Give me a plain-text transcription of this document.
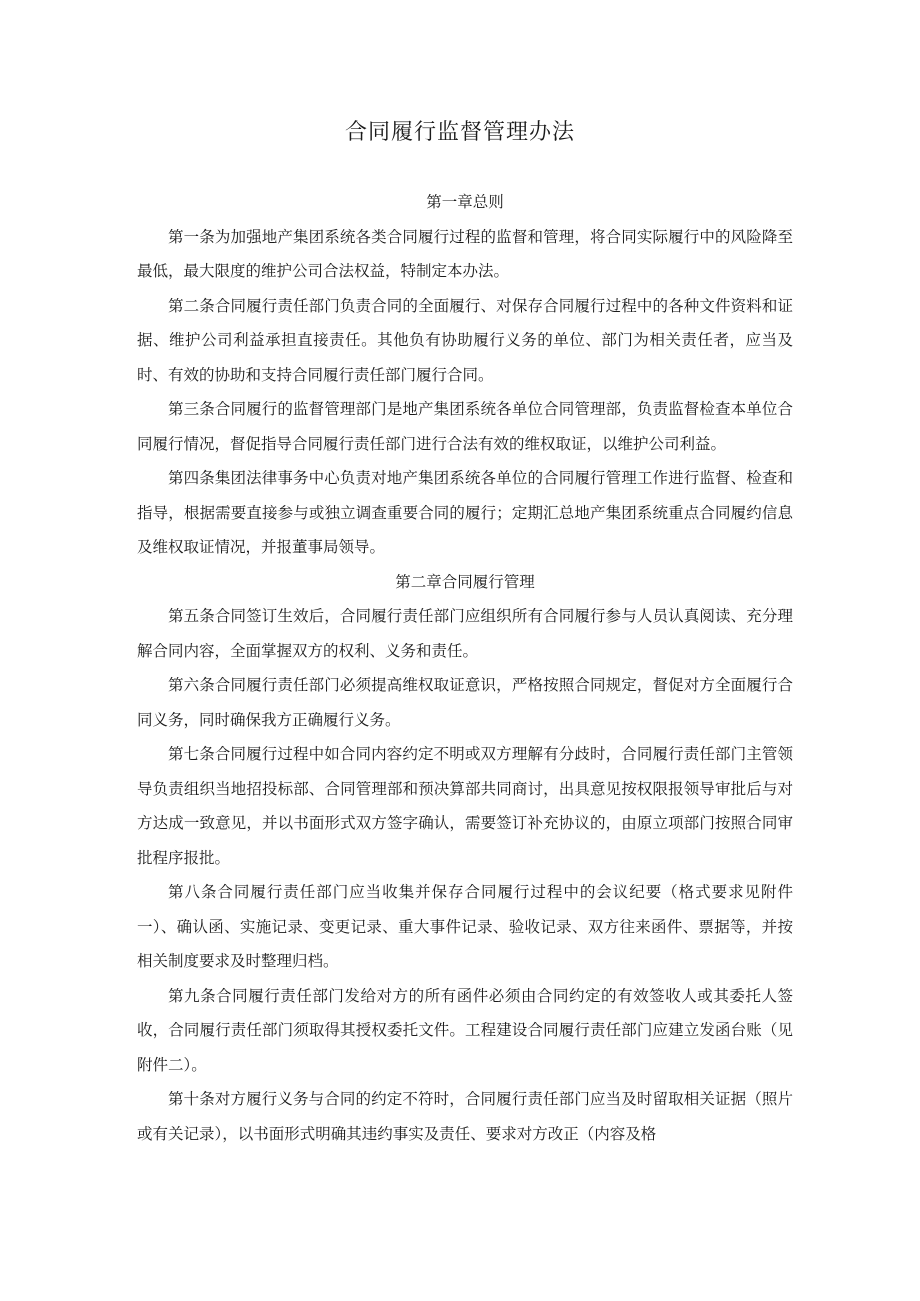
合同履行监督管理办法
第一章总则

第一条为加强地产集团系统各类合同履行过程的监督和管理，将合同实际履行中的风险降至最低，最大限度的维护公司合法权益，特制定本办法。

第二条合同履行责任部门负责合同的全面履行、对保存合同履行过程中的各种文件资料和证据、维护公司利益承担直接责任。其他负有协助履行义务的单位、部门为相关责任者，应当及时、有效的协助和支持合同履行责任部门履行合同。

第三条合同履行的监督管理部门是地产集团系统各单位合同管理部，负责监督检查本单位合同履行情况，督促指导合同履行责任部门进行合法有效的维权取证，以维护公司利益。

第四条集团法律事务中心负责对地产集团系统各单位的合同履行管理工作进行监督、检查和指导，根据需要直接参与或独立调查重要合同的履行；定期汇总地产集团系统重点合同履约信息及维权取证情况，并报董事局领导。

第二章合同履行管理

第五条合同签订生效后，合同履行责任部门应组织所有合同履行参与人员认真阅读、充分理解合同内容，全面掌握双方的权利、义务和责任。

第六条合同履行责任部门必须提高维权取证意识，严格按照合同规定，督促对方全面履行合同义务，同时确保我方正确履行义务。

第七条合同履行过程中如合同内容约定不明或双方理解有分歧时，合同履行责任部门主管领导负责组织当地招投标部、合同管理部和预决算部共同商讨，出具意见按权限报领导审批后与对方达成一致意见，并以书面形式双方签字确认，需要签订补充协议的，由原立项部门按照合同审批程序报批。

第八条合同履行责任部门应当收集并保存合同履行过程中的会议纪要（格式要求见附件一）、确认函、实施记录、变更记录、重大事件记录、验收记录、双方往来函件、票据等，并按相关制度要求及时整理归档。

第九条合同履行责任部门发给对方的所有函件必须由合同约定的有效签收人或其委托人签收，合同履行责任部门须取得其授权委托文件。工程建设合同履行责任部门应建立发函台账（见附件二）。

第十条对方履行义务与合同的约定不符时，合同履行责任部门应当及时留取相关证据（照片或有关记录），以书面形式明确其违约事实及责任、要求对方改正（内容及格
